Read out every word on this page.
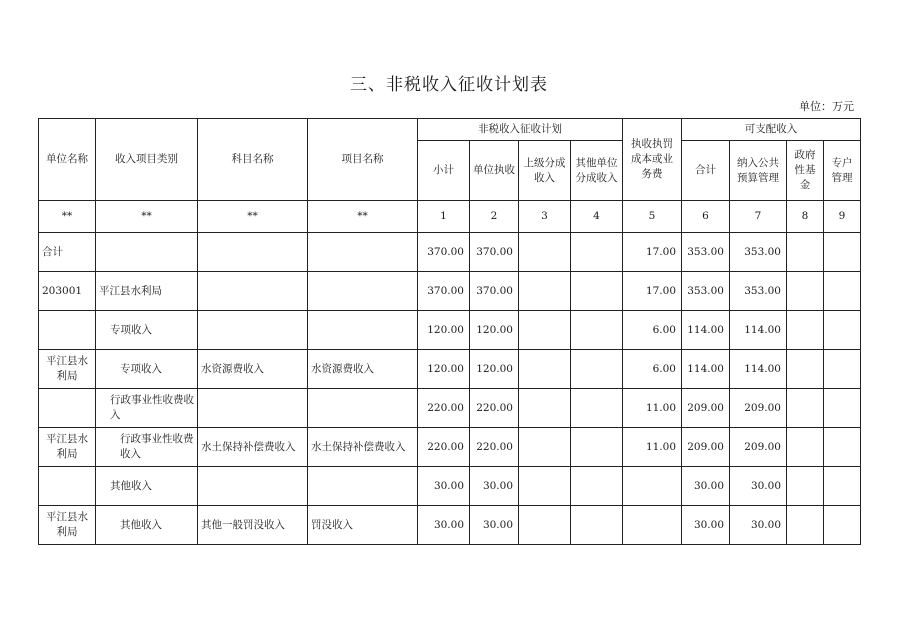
三、非税收入征收计划表
单位：万元
单位名称	收入项目类别	科目名称	项目名称	非税收入征收计划				执收执罚成本或业务费	可支配收入			
				小计	单位执收	上级分成收入	其他单位分成收入		合计	纳入公共预算管理	政府性基金	专户管理
**	**	**	**	1	2	3	4	5	6	7	8	9
合计				370.00	370.00			17.00	353.00	353.00		
203001	平江县水利局			370.00	370.00			17.00	353.00	353.00		
	专项收入			120.00	120.00			6.00	114.00	114.00		
平江县水利局	专项收入	水资源费收入	水资源费收入	120.00	120.00			6.00	114.00	114.00		
	行政事业性收费收入			220.00	220.00			11.00	209.00	209.00		
平江县水利局	行政事业性收费收入	水土保持补偿费收入	水土保持补偿费收入	220.00	220.00			11.00	209.00	209.00		
	其他收入			30.00	30.00				30.00	30.00		
平江县水利局	其他收入	其他一般罚没收入	罚没收入	30.00	30.00				30.00	30.00		
